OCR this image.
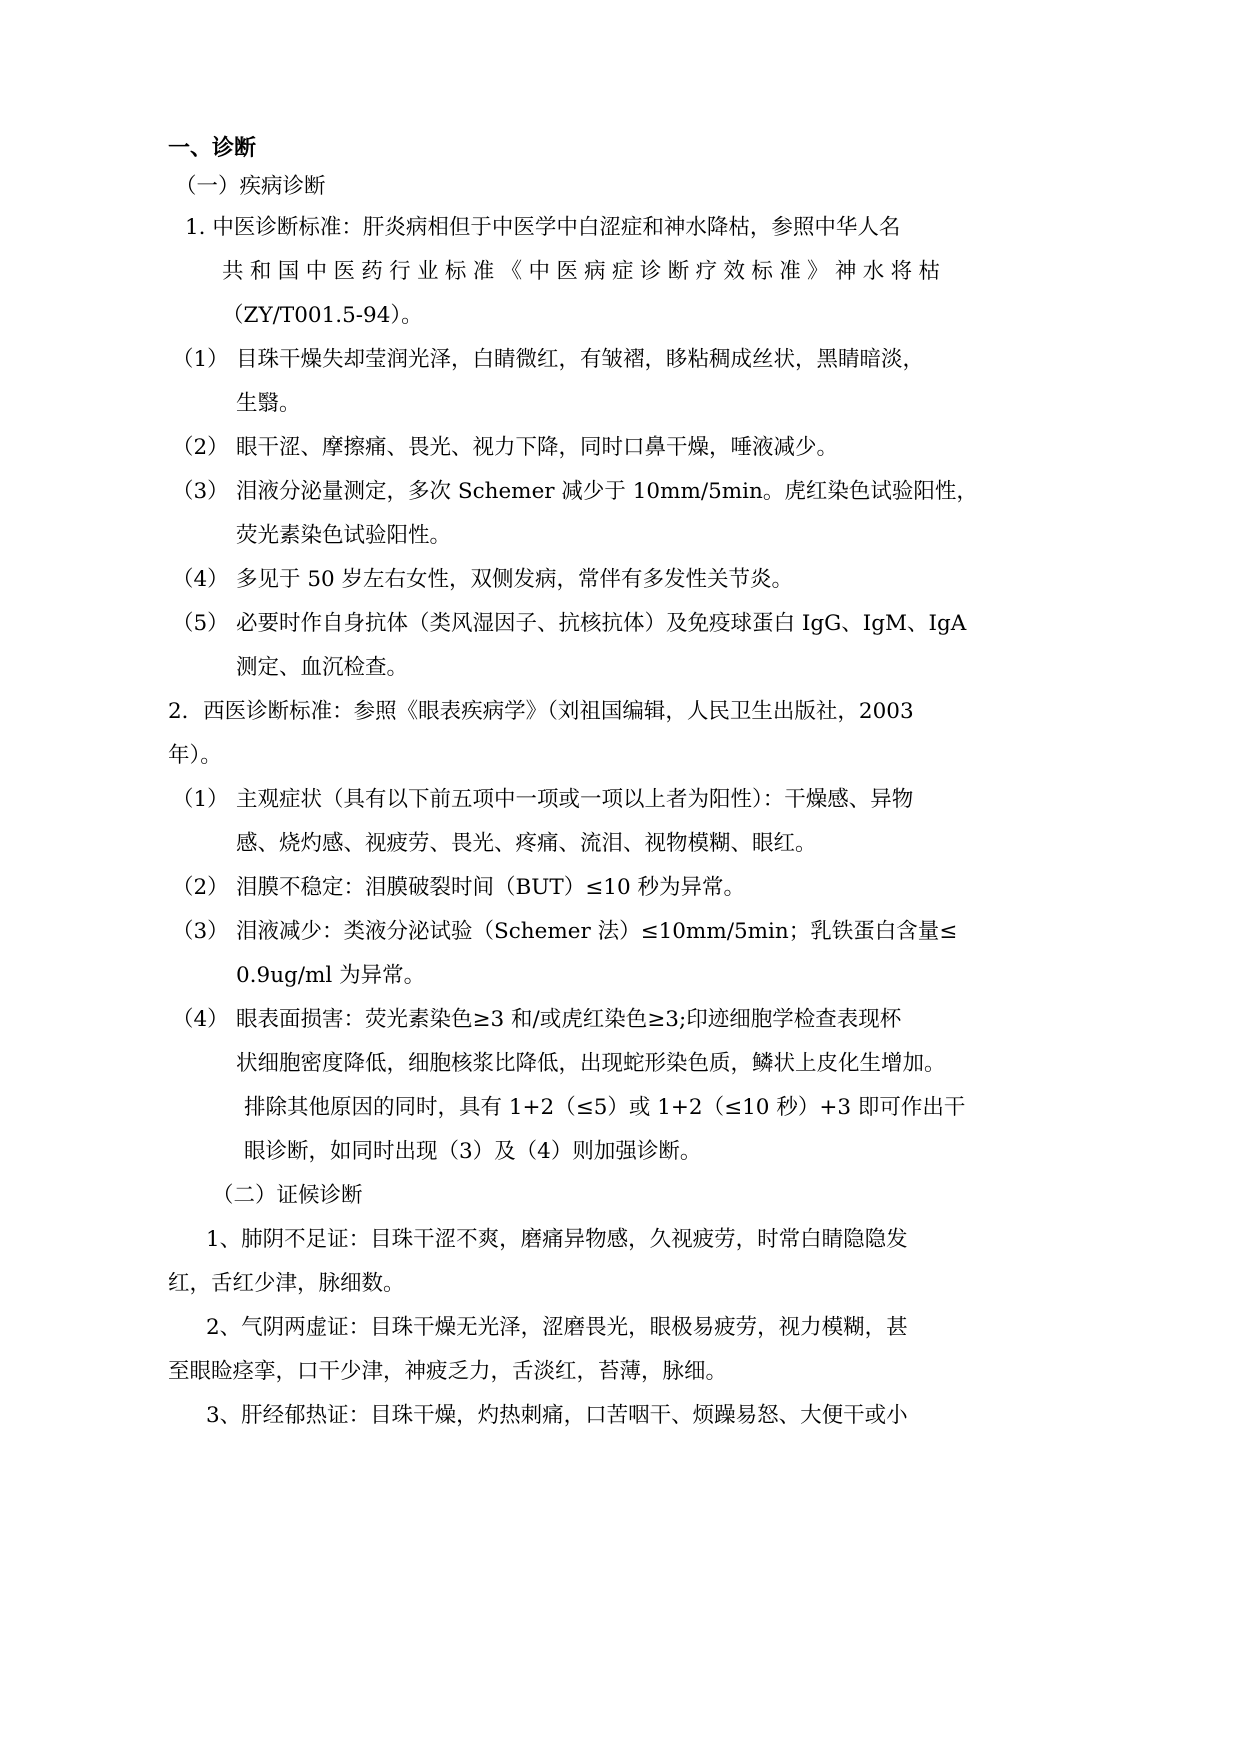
一、诊断
（一）疾病诊断
1. 中医诊断标准：肝炎病相但于中医学中白涩症和神水降枯，参照中华人名
共 和 国 中 医 药 行 业 标 准 《 中 医 病 症 诊 断 疗 效 标 准 》 神 水 将 枯
（ZY/T001.5-94）。
（1） 目珠干燥失却莹润光泽，白睛微红，有皱褶，眵粘稠成丝状，黑睛暗淡，
生翳。
（2） 眼干涩、摩擦痛、畏光、视力下降，同时口鼻干燥，唾液减少。
（3） 泪液分泌量测定，多次 Schemer 减少于 10mm/5min。虎红染色试验阳性，
荧光素染色试验阳性。
（4） 多见于 50 岁左右女性，双侧发病，常伴有多发性关节炎。
（5） 必要时作自身抗体（类风湿因子、抗核抗体）及免疫球蛋白 IgG、IgM、IgA
测定、血沉检查。
2．西医诊断标准：参照《眼表疾病学》（刘祖国编辑，人民卫生出版社，2003
年）。
（1） 主观症状（具有以下前五项中一项或一项以上者为阳性）：干燥感、异物
感、烧灼感、视疲劳、畏光、疼痛、流泪、视物模糊、眼红。
（2） 泪膜不稳定：泪膜破裂时间（BUT）≤10 秒为异常。
（3） 泪液减少：类液分泌试验（Schemer 法）≤10mm/5min；乳铁蛋白含量≤
0.9ug/ml 为异常。
（4） 眼表面损害：荧光素染色≥3 和/或虎红染色≥3;印迹细胞学检查表现杯
状细胞密度降低，细胞核浆比降低，出现蛇形染色质，鳞状上皮化生增加。
排除其他原因的同时，具有 1+2（≤5）或 1+2（≤10 秒）+3 即可作出干
眼诊断，如同时出现（3）及（4）则加强诊断。
（二）证候诊断
1、肺阴不足证：目珠干涩不爽，磨痛异物感，久视疲劳，时常白睛隐隐发
红，舌红少津，脉细数。
2、气阴两虚证：目珠干燥无光泽，涩磨畏光，眼极易疲劳，视力模糊，甚
至眼睑痉挛，口干少津，神疲乏力，舌淡红，苔薄，脉细。
3、肝经郁热证：目珠干燥，灼热刺痛，口苦咽干、烦躁易怒、大便干或小
